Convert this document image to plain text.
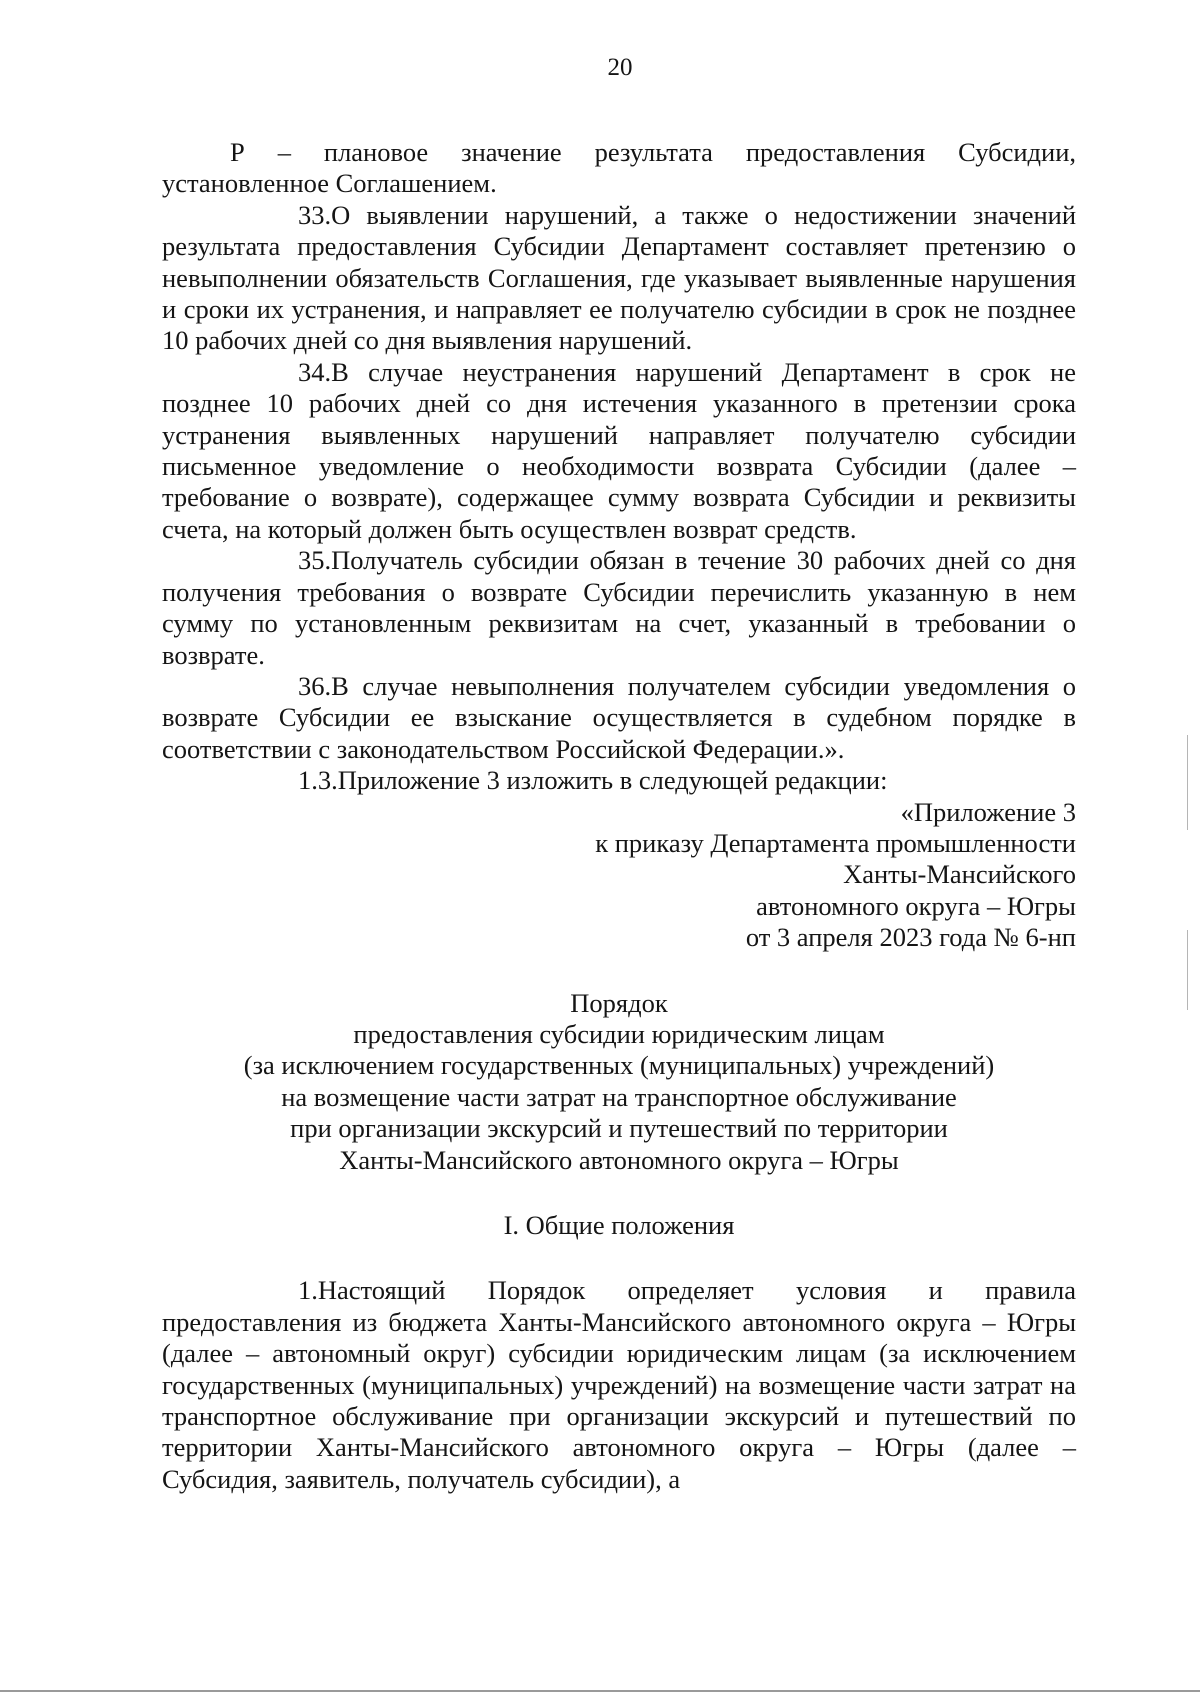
20

Р – плановое значение результата предоставления Субсидии, установленное Соглашением.

33.О выявлении нарушений, а также о недостижении значений результата предоставления Субсидии Департамент составляет претензию о невыполнении обязательств Соглашения, где указывает выявленные нарушения и сроки их устранения, и направляет ее получателю субсидии в срок не позднее 10 рабочих дней со дня выявления нарушений.

34.В случае неустранения нарушений Департамент в срок не позднее 10 рабочих дней со дня истечения указанного в претензии срока устранения выявленных нарушений направляет получателю субсидии письменное уведомление о необходимости возврата Субсидии (далее – требование о возврате), содержащее сумму возврата Субсидии и реквизиты счета, на который должен быть осуществлен возврат средств.

35.Получатель субсидии обязан в течение 30 рабочих дней со дня получения требования о возврате Субсидии перечислить указанную в нем сумму по установленным реквизитам на счет, указанный в требовании о возврате.

36.В случае невыполнения получателем субсидии уведомления о возврате Субсидии ее взыскание осуществляется в судебном порядке в соответствии с законодательством Российской Федерации.».

1.3.Приложение 3 изложить в следующей редакции:

«Приложение 3
к приказу Департамента промышленности
Ханты-Мансийского
автономного округа – Югры
от 3 апреля 2023 года № 6-нп
Порядок
предоставления субсидии юридическим лицам
(за исключением государственных (муниципальных) учреждений)
на возмещение части затрат на транспортное обслуживание
при организации экскурсий и путешествий по территории
Ханты-Мансийского автономного округа – Югры
I. Общие положения

1.Настоящий Порядок определяет условия и правила предоставления из бюджета Ханты-Мансийского автономного округа – Югры (далее – автономный округ) субсидии юридическим лицам (за исключением государственных (муниципальных) учреждений) на возмещение части затрат на транспортное обслуживание при организации экскурсий и путешествий по территории Ханты-Мансийского автономного округа – Югры (далее – Субсидия, заявитель, получатель субсидии), а
